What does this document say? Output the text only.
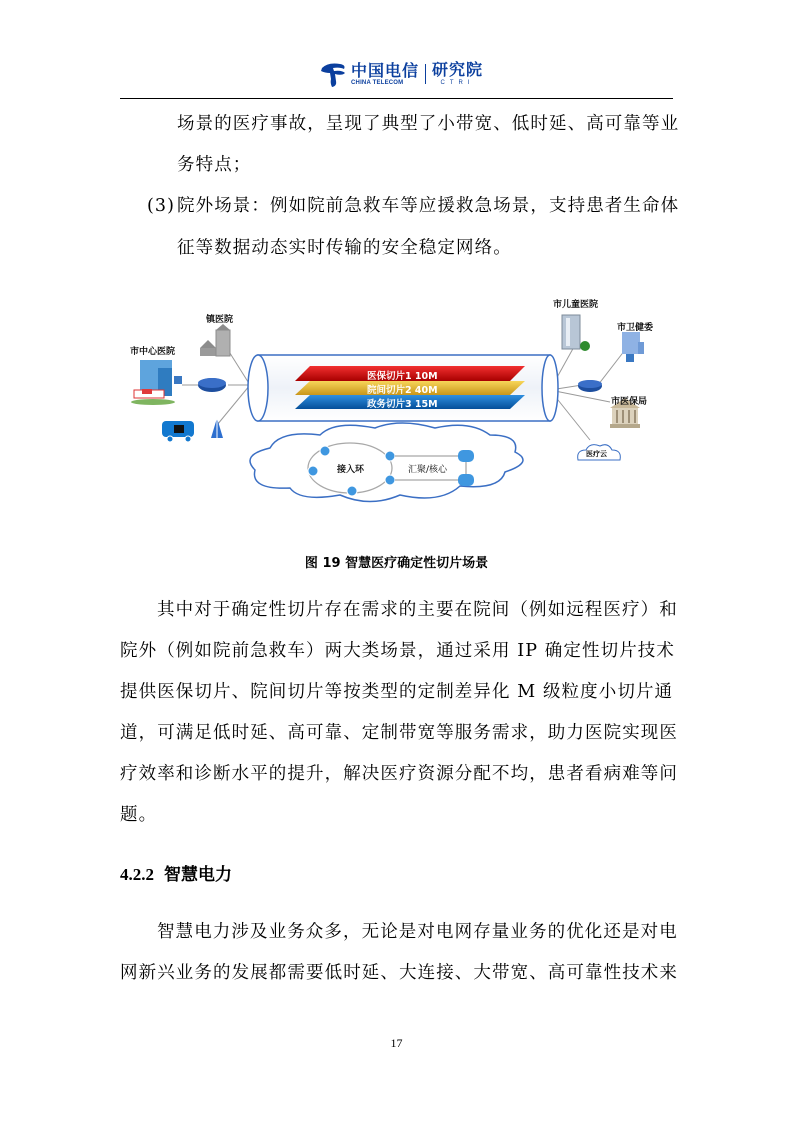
中国电信
CHINA TELECOM
研究院
CTRI
场景的医疗事故，呈现了典型了小带宽、低时延、高可靠等业
务特点；
(3) 院外场景：例如院前急救车等应援救急场景，支持患者生命体
征等数据动态实时传输的安全稳定网络。
镇医院
市中心医院
市儿童医院
市卫健委
市医保局
医疗云
接入环	汇聚/核心
医保切片1 10M
院间切片2 40M
政务切片3 15M
图 19 智慧医疗确定性切片场景
其中对于确定性切片存在需求的主要在院间（例如远程医疗）和
院外（例如院前急救车）两大类场景，通过采用 IP 确定性切片技术
提供医保切片、院间切片等按类型的定制差异化 M 级粒度小切片通
道，可满足低时延、高可靠、定制带宽等服务需求，助力医院实现医
疗效率和诊断水平的提升，解决医疗资源分配不均，患者看病难等问
题。
4.2.2 智慧电力
智慧电力涉及业务众多，无论是对电网存量业务的优化还是对电
网新兴业务的发展都需要低时延、大连接、大带宽、高可靠性技术来
17
